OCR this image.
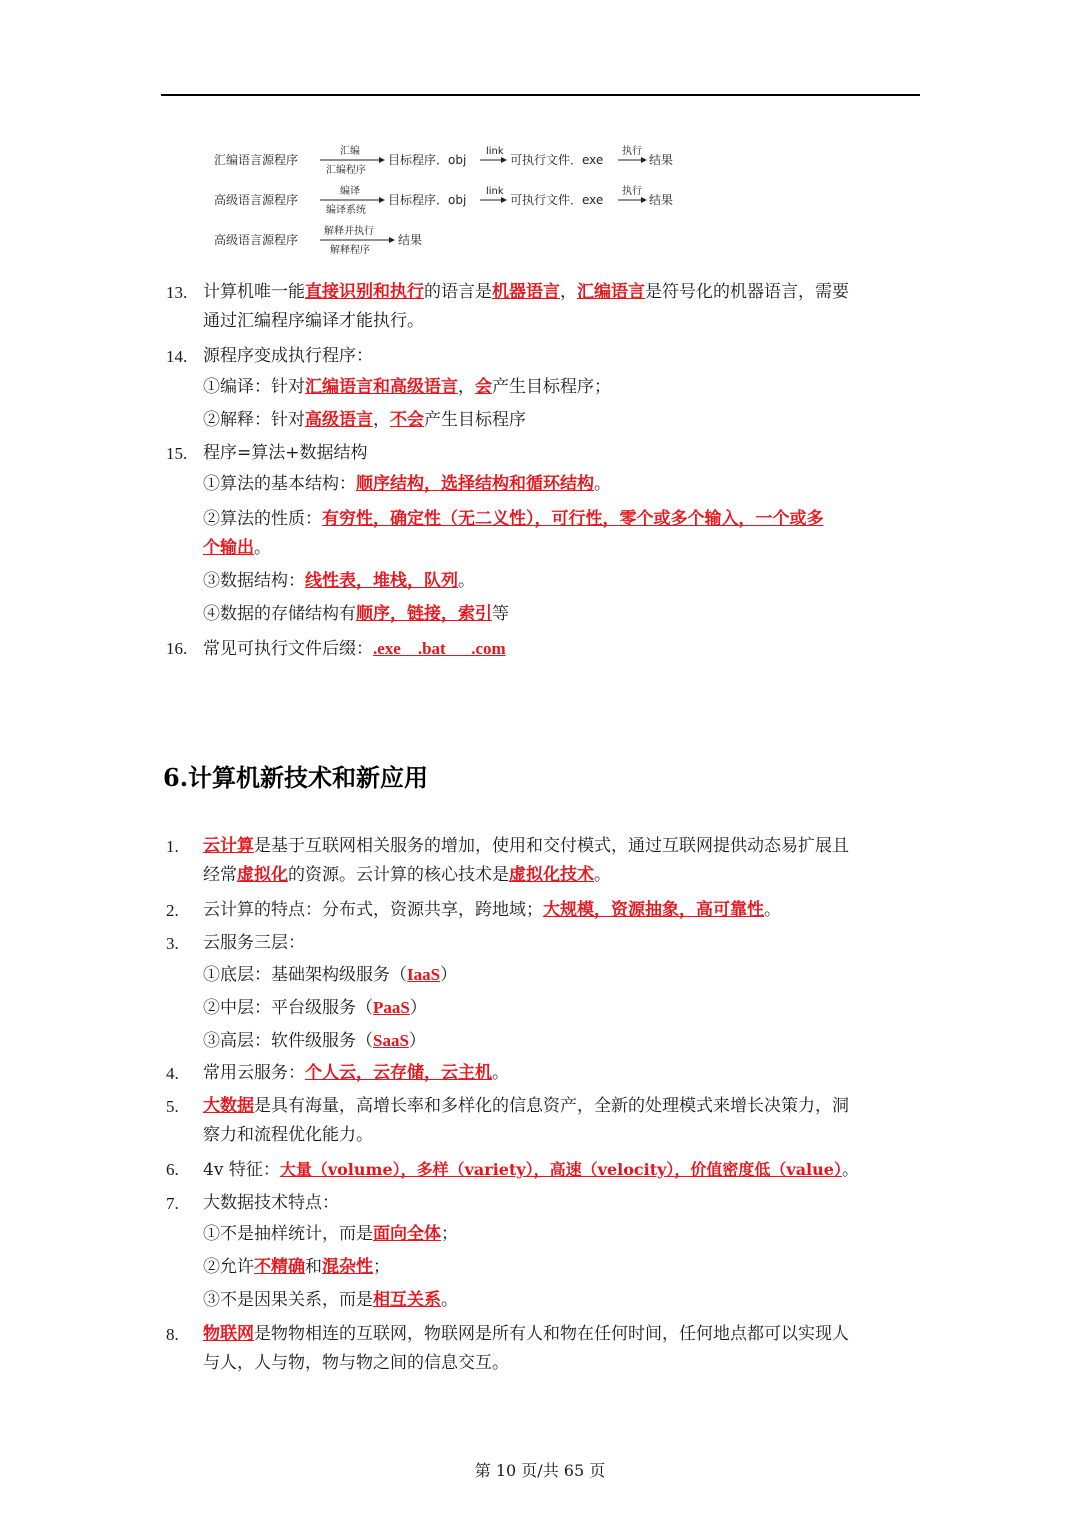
汇编语言源程序
汇编
汇编程序
目标程序．obj
link
可执行文件．exe
执行
结果
高级语言源程序
编译
编译系统
目标程序．obj
link
可执行文件．exe
执行
结果
高级语言源程序
解释并执行
解释程序
结果
13. 计算机唯一能直接识别和执行的语言是机器语言，汇编语言是符号化的机器语言，需要
通过汇编程序编译才能执行。
14. 源程序变成执行程序：
①编译：针对汇编语言和高级语言，会产生目标程序；
②解释：针对高级语言，不会产生目标程序
15. 程序=算法+数据结构
①算法的基本结构：顺序结构，选择结构和循环结构。
②算法的性质：有穷性，确定性（无二义性），可行性，零个或多个输入，一个或多
个输出。
③数据结构：线性表，堆栈，队列。
④数据的存储结构有顺序，链接，索引等
16. 常见可执行文件后缀：.exe    .bat      .com
6.计算机新技术和新应用
1.	云计算是基于互联网相关服务的增加，使用和交付模式，通过互联网提供动态易扩展且
经常虚拟化的资源。云计算的核心技术是虚拟化技术。
2.	云计算的特点：分布式，资源共享，跨地域；大规模，资源抽象，高可靠性。
3.	云服务三层：
①底层：基础架构级服务（IaaS）
②中层：平台级服务（PaaS）
③高层：软件级服务（SaaS）
4.	常用云服务：个人云，云存储，云主机。
5.	大数据是具有海量，高增长率和多样化的信息资产，全新的处理模式来增长决策力，洞
察力和流程优化能力。
6.	4v 特征：大量（volume），多样（variety），高速（velocity），价值密度低（value）。
7.	大数据技术特点：
①不是抽样统计，而是面向全体；
②允许不精确和混杂性；
③不是因果关系，而是相互关系。
8.	物联网是物物相连的互联网，物联网是所有人和物在任何时间，任何地点都可以实现人
与人，人与物，物与物之间的信息交互。
第 10 页/共 65 页
